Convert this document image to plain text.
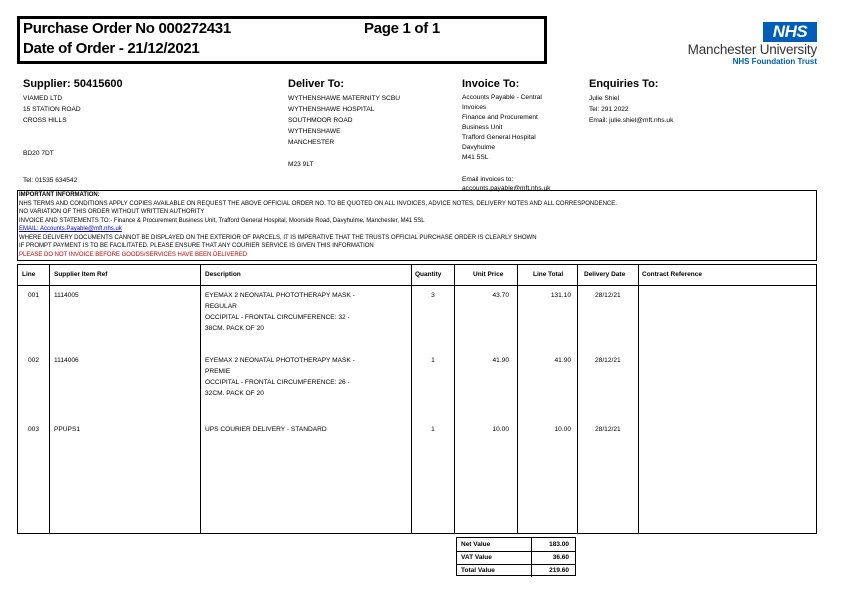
Purchase Order No 000272431
Date of Order - 21/12/2021
Page 1 of 1	NHS
Manchester University
NHS Foundation Trust
Supplier: 50415600	Deliver To:	Invoice To:	Enquiries To:
VIAMED LTD
15 STATION ROAD
CROSS HILLS
BD20 7DT
Tel: 01535 634542
WYTHENSHAWE MATERNITY SCBU
WYTHENSHAWE HOSPITAL
SOUTHMOOR ROAD
WYTHENSHAWE
MANCHESTER
M23 9LT
Accounts Payable - Central
Invoices
Finance and Procurement
Business Unit
Trafford General Hospital
Davyhulme
M41 5SL
Email invoices to:
accounts.payable@mft.nhs.uk
Julie Shiel
Tel: 291 2022
Email: julie.shiel@mft.nhs.uk
IMPORTANT INFORMATION:
NHS TERMS AND CONDITIONS APPLY COPIES AVAILABLE ON REQUEST THE ABOVE OFFICIAL ORDER NO. TO BE QUOTED ON ALL INVOICES, ADVICE NOTES, DELIVERY NOTES AND ALL CORRESPONDENCE.
NO VARIATION OF THIS ORDER WITHOUT WRITTEN AUTHORITY
INVOICE AND STATEMENTS TO:- Finance & Procurement Business Unit, Trafford General Hospital, Moorside Road, Davyhulme, Manchester, M41 5SL
EMAIL: Accounts.Payable@mft.nhs.uk
WHERE DELIVERY DOCUMENTS CANNOT BE DISPLAYED ON THE EXTERIOR OF PARCELS, IT IS IMPERATIVE THAT THE TRUSTS OFFICIAL PURCHASE ORDER IS CLEARLY SHOWN
IF PROMPT PAYMENT IS TO BE FACILITATED. PLEASE ENSURE THAT ANY COURIER SERVICE IS GIVEN THIS INFORMATION
PLEASE DO NOT INVOICE BEFORE GOODS/SERVICES HAVE BEEN DELIVERED
Line	Supplier Item Ref	Description	Quantity	Unit Price	Line Total	Delivery Date	Contract Reference
001 1114005	EYEMAX 2 NEONATAL PHOTOTHERAPY MASK -
REGULAR
OCCIPITAL - FRONTAL CIRCUMFERENCE: 32 -
38CM. PACK OF 20
3	43.70	131.10	28/12/21
002 1114006	EYEMAX 2 NEONATAL PHOTOTHERAPY MASK -
PREMIE
OCCIPITAL - FRONTAL CIRCUMFERENCE: 26 -
32CM. PACK OF 20
1	41.90	41.90	28/12/21
003 PPUPS1	UPS COURIER DELIVERY - STANDARD	1	10.00	10.00	28/12/21
Net Value	183.00
VAT Value	36.60
Total Value	219.60
